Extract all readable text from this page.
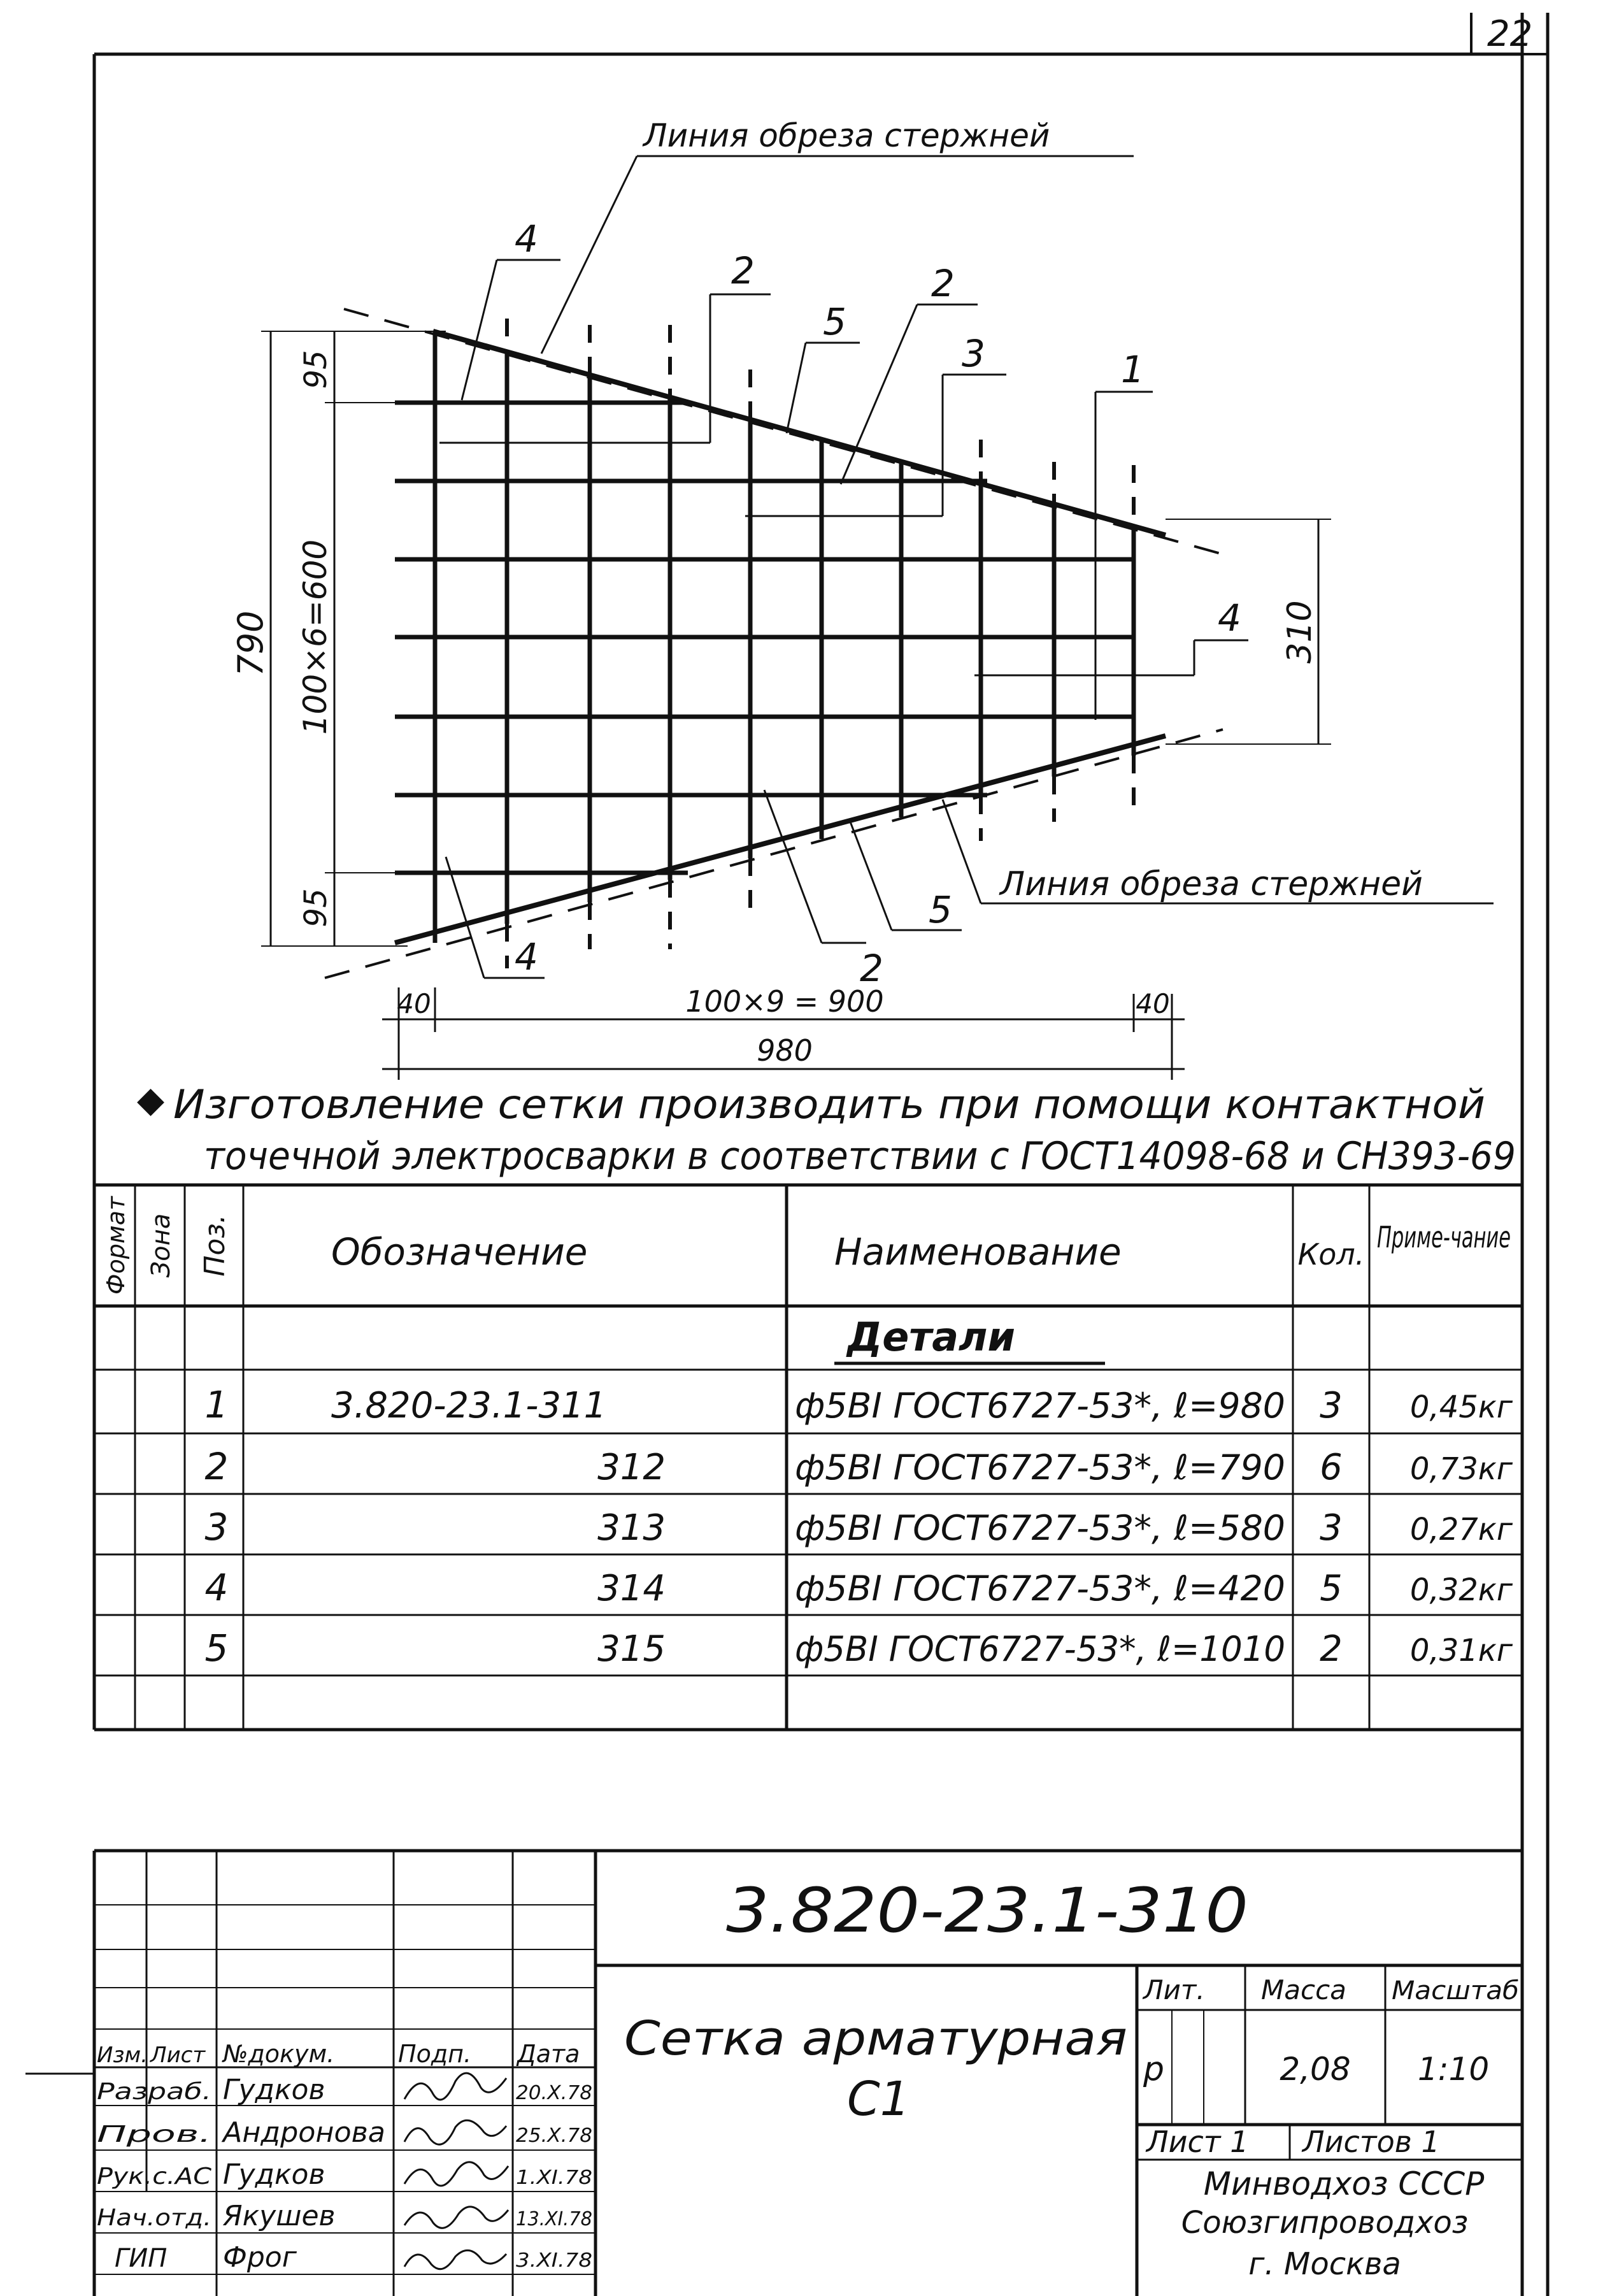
22
Линия обреза стержней
Линия обреза стержней
4
2
5
2
3	1
4
2
5
4
790 100×6=600
95
95
310
40	100×9 = 900	40
980
◆ Изготовление сетки производить при помощи контактной
точечной электросварки в соответствии с ГОСТ14098-68 и СН393-69
Формат Зона Поз.	Обозначение	Наименование	Кол. Приме-чание
Детали
1	3.820-23.1-311	ф5ВI ГОСТ6727-53*, ℓ=980 3 0,45кг
2	312	ф5ВI ГОСТ6727-53*, ℓ=790 6 0,73кг
3	313	ф5ВI ГОСТ6727-53*, ℓ=580 3 0,27кг
4	314	ф5ВI ГОСТ6727-53*, ℓ=420 5 0,32кг
5	315	ф5ВI ГОСТ6727-53*, ℓ=1010 2 0,31кг
3.820-23.1-310
Сетка арматурная
С1
Лит. Масса Масштаб
р	2,08 1:10
Лист 1 Листов 1
Минводхоз СССР
Союзгипроводхоз
г. Москва
Изм. Лист №докум.	Подп. Дата
Разраб. Гудков	20.X.78
Пров. Андронова	25.X.78
Рук.с.АС Гудков	1.XI.78
Нач.отд. Якушев	13.XI.78
ГИП Фрог	3.XI.78
